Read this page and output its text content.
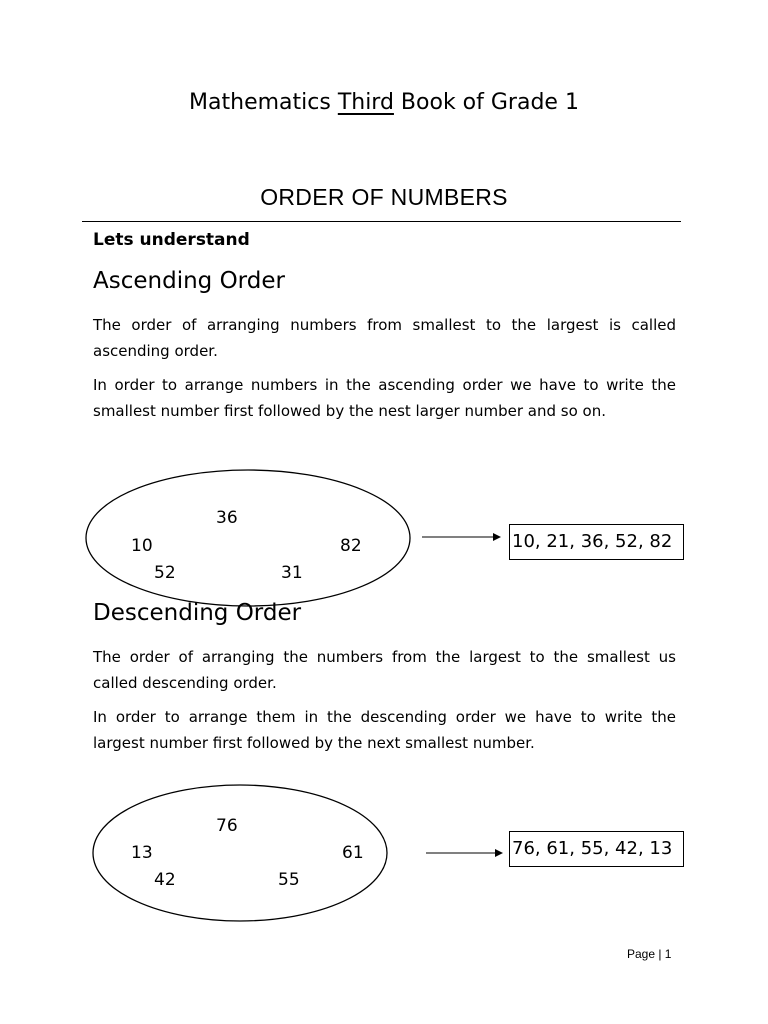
Mathematics Third Book of Grade 1
ORDER OF NUMBERS
Lets understand
Ascending Order

The order of arranging numbers from smallest to the largest is called ascending order.

In order to arrange numbers in the ascending order we have to write the smallest number first followed by the nest larger number and so on.

36
10	82
52	31
10, 21, 36, 52, 82
Descending Order

The order of arranging the numbers from the largest to the smallest us called descending order.

In order to arrange them in the descending order we have to write the largest number first followed by the next smallest number.

76
13	61
42	55
76, 61, 55, 42, 13
Page | 1
